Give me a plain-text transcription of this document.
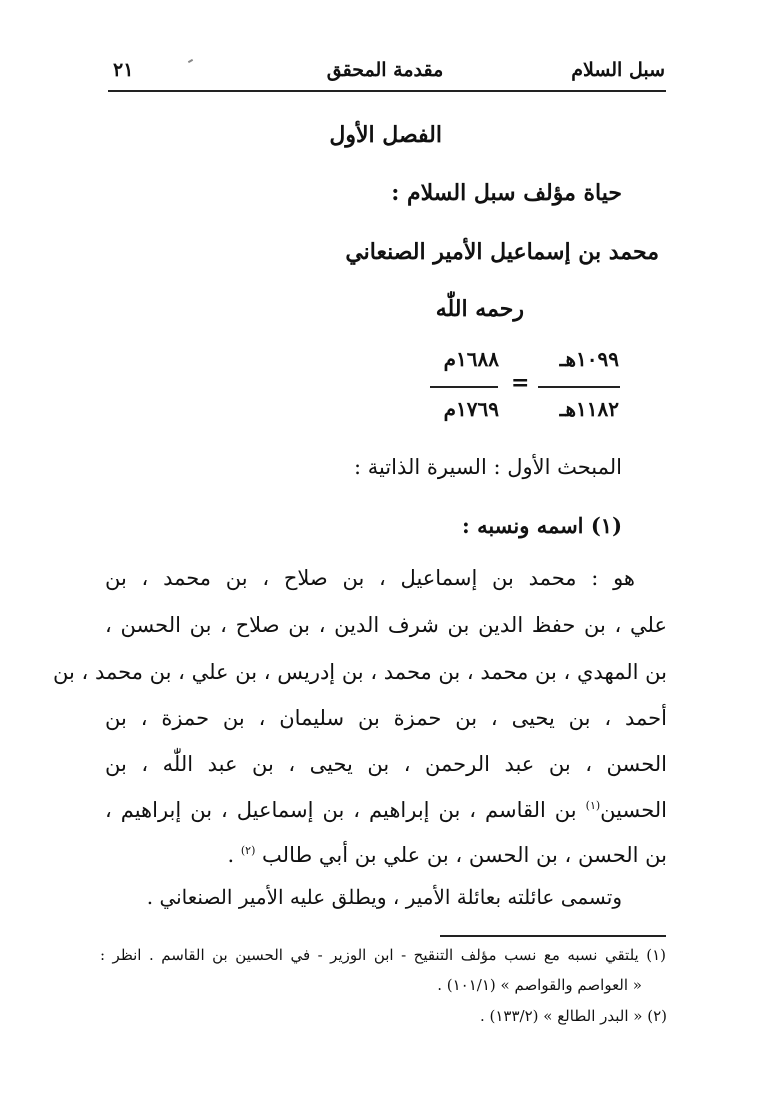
سبل السلام
مقدمة المحقق
٢١
الفصل الأول
حياة مؤلف سبل السلام :
محمد بن إسماعيل الأمير الصنعاني
رحمه اللّٰه
١٠٩٩هـ
١١٨٢هـ
=
١٦٨٨م
١٧٦٩م
المبحث الأول : السيرة الذاتية :
(١) اسمه ونسبه :
هو : محمد بن إسماعيل ، بن صلاح ، بن محمد ، بن
علي ، بن حفظ الدين بن شرف الدين ، بن صلاح ، بن الحسن ،
بن المهدي ، بن محمد ، بن محمد ، بن إدريس ، بن علي ، بن محمد ، بن
أحمد ، بن يحيى ، بن حمزة بن سليمان ، بن حمزة ، بن
الحسن ، بن عبد الرحمن ، بن يحيى ، بن عبد اللّٰه ، بن
الحسين$^{(١)}$ بن القاسم ، بن إبراهيم ، بن إسماعيل ، بن إبراهيم ،
بن الحسن ، بن الحسن ، بن علي بن أبي طالب $^{(٢)}$ .
وتسمى عائلته بعائلة الأمير ، ويطلق عليه الأمير الصنعاني .
(١) يلتقي نسبه مع نسب مؤلف التنقيح - ابن الوزير - في الحسين بن القاسم . انظر :
« العواصم والقواصم » (١٠١/١) .
(٢) « البدر الطالع » (١٣٣/٢) .
